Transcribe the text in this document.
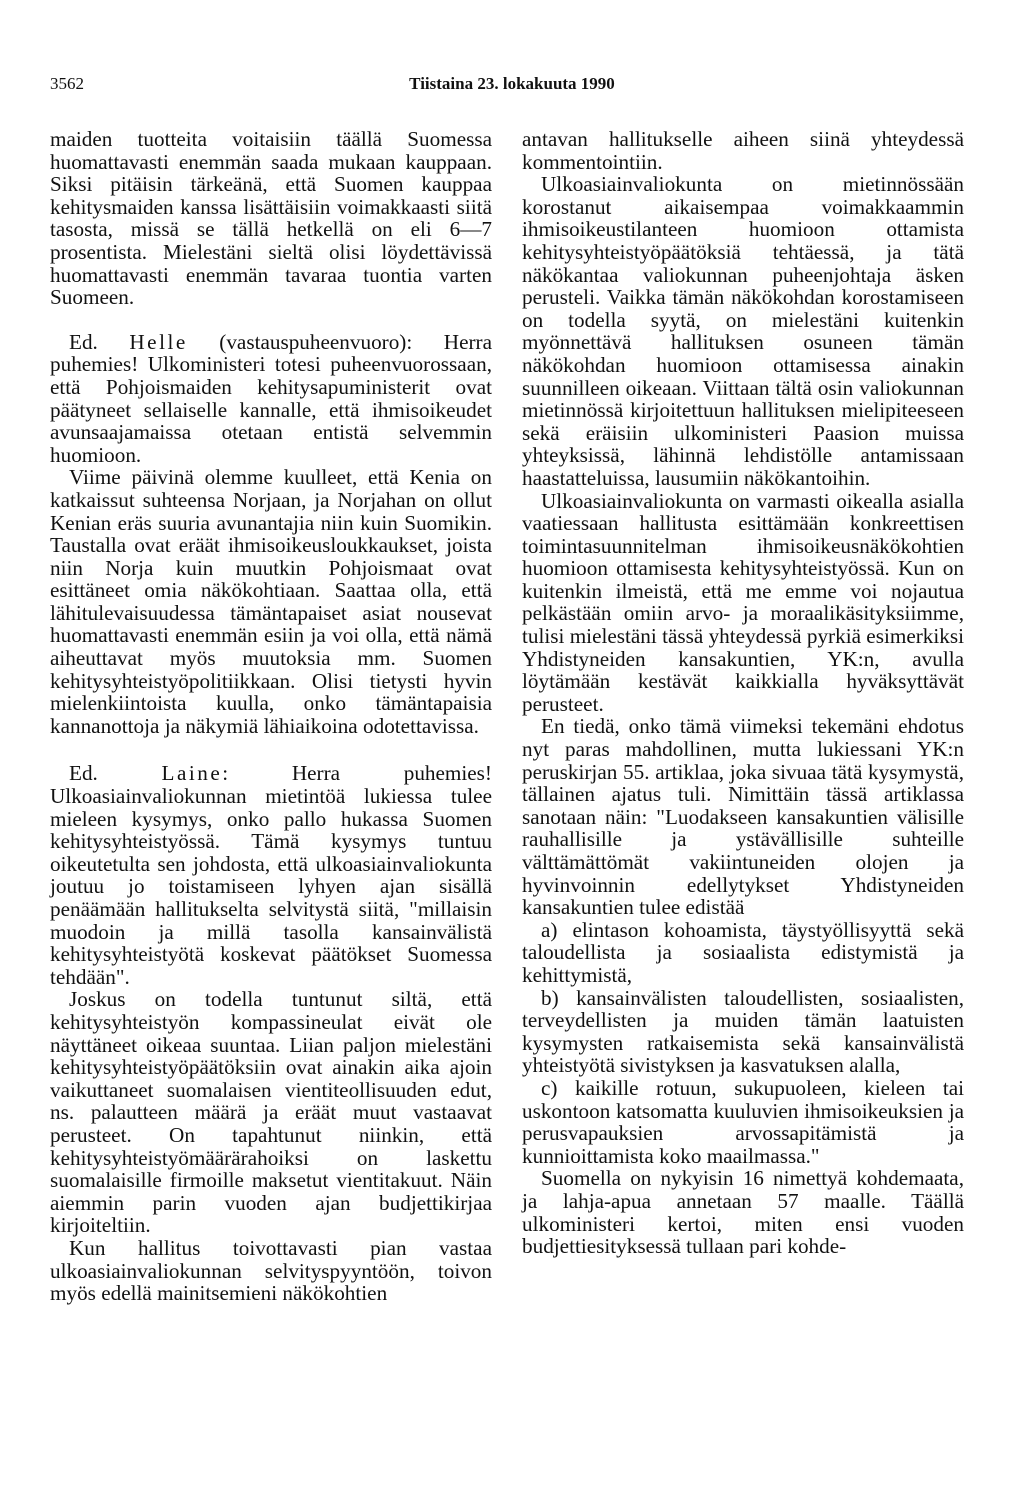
3562	Tiistaina 23. lokakuuta 1990

maiden tuotteita voitaisiin täällä Suomessa huomattavasti enemmän saada mukaan kauppaan. Siksi pitäisin tärkeänä, että Suomen kauppaa kehitysmaiden kanssa lisättäisiin voimakkaasti siitä tasosta, missä se tällä hetkellä on eli 6—7 prosentista. Mielestäni sieltä olisi löydettävissä huomattavasti enemmän tavaraa tuontia varten Suomeen.

Ed. Helle (vastauspuheenvuoro): Herra puhemies! Ulkoministeri totesi puheenvuorossaan, että Pohjoismaiden kehitysapuministerit ovat päätyneet sellaiselle kannalle, että ihmisoikeudet avunsaajamaissa otetaan entistä selvemmin huomioon.

Viime päivinä olemme kuulleet, että Kenia on katkaissut suhteensa Norjaan, ja Norjahan on ollut Kenian eräs suuria avunantajia niin kuin Suomikin. Taustalla ovat eräät ihmisoikeusloukkaukset, joista niin Norja kuin muutkin Pohjoismaat ovat esittäneet omia näkökohtiaan. Saattaa olla, että lähitulevaisuudessa tämäntapaiset asiat nousevat huomattavasti enemmän esiin ja voi olla, että nämä aiheuttavat myös muutoksia mm. Suomen kehitysyhteistyöpolitiikkaan. Olisi tietysti hyvin mielenkiintoista kuulla, onko tämäntapaisia kannanottoja ja näkymiä lähiaikoina odotettavissa.

Ed. Laine: Herra puhemies! Ulkoasiainvaliokunnan mietintöä lukiessa tulee mieleen kysymys, onko pallo hukassa Suomen kehitysyhteistyössä. Tämä kysymys tuntuu oikeutetulta sen johdosta, että ulkoasiainvaliokunta joutuu jo toistamiseen lyhyen ajan sisällä penäämään hallitukselta selvitystä siitä, "millaisin muodoin ja millä tasolla kansainvälistä kehitysyhteistyötä koskevat päätökset Suomessa tehdään".

Joskus on todella tuntunut siltä, että kehitysyhteistyön kompassineulat eivät ole näyttäneet oikeaa suuntaa. Liian paljon mielestäni kehitysyhteistyöpäätöksiin ovat ainakin aika ajoin vaikuttaneet suomalaisen vientiteollisuuden edut, ns. palautteen määrä ja eräät muut vastaavat perusteet. On tapahtunut niinkin, että kehitysyhteistyömäärärahoiksi on laskettu suomalaisille firmoille maksetut vientitakuut. Näin aiemmin parin vuoden ajan budjettikirjaa kirjoiteltiin.

Kun hallitus toivottavasti pian vastaa ulkoasiainvaliokunnan selvityspyyntöön, toivon myös edellä mainitsemieni näkökohtien

antavan hallitukselle aiheen siinä yhteydessä kommentointiin.

Ulkoasiainvaliokunta on mietinnössään korostanut aikaisempaa voimakkaammin ihmisoikeustilanteen huomioon ottamista kehitysyhteistyöpäätöksiä tehtäessä, ja tätä näkökantaa valiokunnan puheenjohtaja äsken perusteli. Vaikka tämän näkökohdan korostamiseen on todella syytä, on mielestäni kuitenkin myönnettävä hallituksen osuneen tämän näkökohdan huomioon ottamisessa ainakin suunnilleen oikeaan. Viittaan tältä osin valiokunnan mietinnössä kirjoitettuun hallituksen mielipiteeseen sekä eräisiin ulkoministeri Paasion muissa yhteyksissä, lähinnä lehdistölle antamissaan haastatteluissa, lausumiin näkökantoihin.

Ulkoasiainvaliokunta on varmasti oikealla asialla vaatiessaan hallitusta esittämään konkreettisen toimintasuunnitelman ihmisoikeusnäkökohtien huomioon ottamisesta kehitysyhteistyössä. Kun on kuitenkin ilmeistä, että me emme voi nojautua pelkästään omiin arvo- ja moraalikäsityksiimme, tulisi mielestäni tässä yhteydessä pyrkiä esimerkiksi Yhdistyneiden kansakuntien, YK:n, avulla löytämään kestävät kaikkialla hyväksyttävät perusteet.

En tiedä, onko tämä viimeksi tekemäni ehdotus nyt paras mahdollinen, mutta lukiessani YK:n peruskirjan 55. artiklaa, joka sivuaa tätä kysymystä, tällainen ajatus tuli. Nimittäin tässä artiklassa sanotaan näin: "Luodakseen kansakuntien välisille rauhallisille ja ystävällisille suhteille välttämättömät vakiintuneiden olojen ja hyvinvoinnin edellytykset Yhdistyneiden kansakuntien tulee edistää

a) elintason kohoamista, täystyöllisyyttä sekä taloudellista ja sosiaalista edistymistä ja kehittymistä,

b) kansainvälisten taloudellisten, sosiaalisten, terveydellisten ja muiden tämän laatuisten kysymysten ratkaisemista sekä kansainvälistä yhteistyötä sivistyksen ja kasvatuksen alalla,

c) kaikille rotuun, sukupuoleen, kieleen tai uskontoon katsomatta kuuluvien ihmisoikeuksien ja perusvapauksien arvossapitämistä ja kunnioittamista koko maailmassa."

Suomella on nykyisin 16 nimettyä kohdemaata, ja lahja-apua annetaan 57 maalle. Täällä ulkoministeri kertoi, miten ensi vuoden budjettiesityksessä tullaan pari kohde-
